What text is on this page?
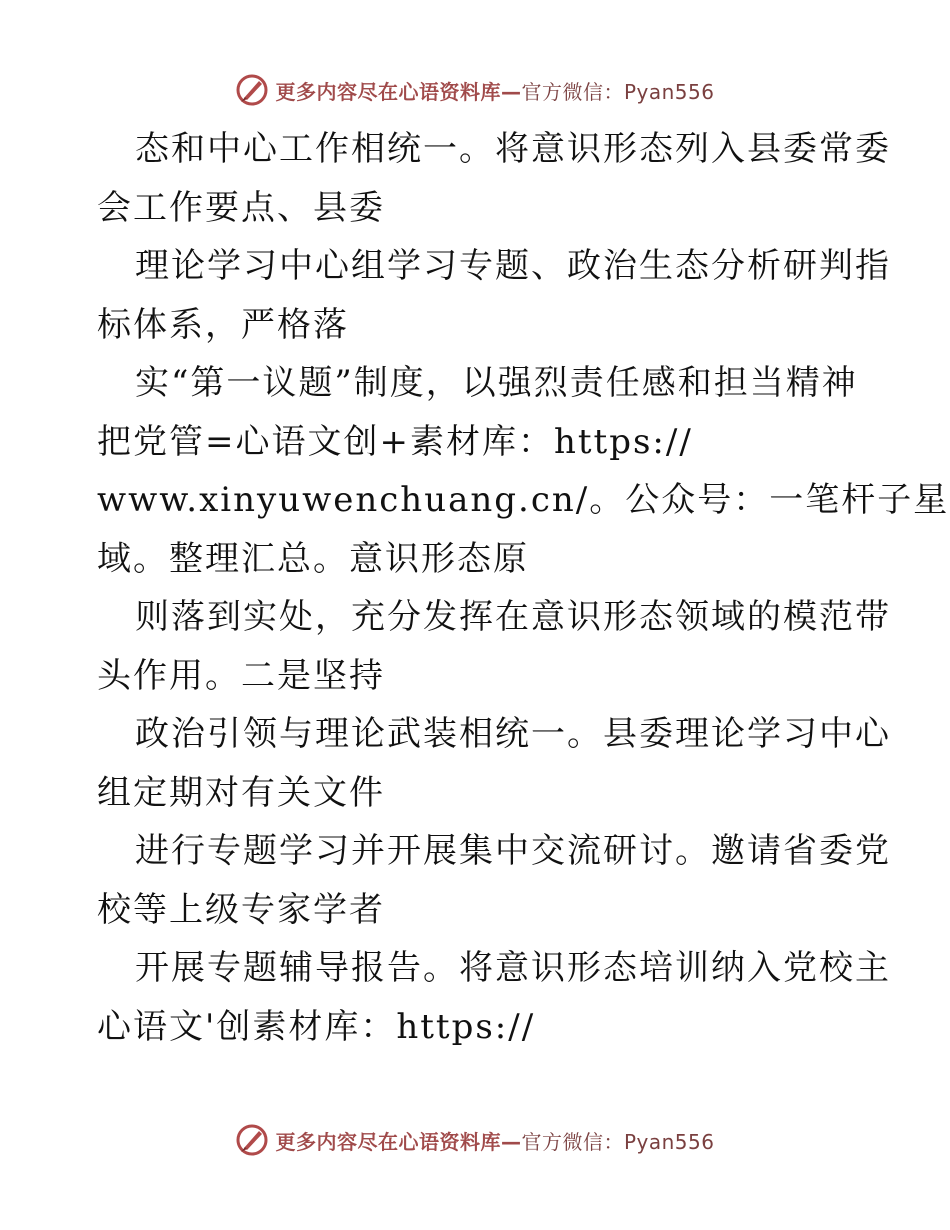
更多内容尽在心语资料库—官方微信：Pyan556
态和中心工作相统一。将意识形态列入县委常委
会工作要点、县委
理论学习中心组学习专题、政治生态分析研判指
标体系，严格落
实“第一议题”制度，以强烈责任感和担当精神
把党管=心语文创+素材库：https://
www.xinyuwenchuang.cn/。公众号：一笔杆子星
域。整理汇总。意识形态原
则落到实处，充分发挥在意识形态领域的模范带
头作用。二是坚持
政治引领与理论武装相统一。县委理论学习中心
组定期对有关文件
进行专题学习并开展集中交流研讨。邀请省委党
校等上级专家学者
开展专题辅导报告。将意识形态培训纳入党校主
心语文'创素材库：https://
更多内容尽在心语资料库—官方微信：Pyan556
